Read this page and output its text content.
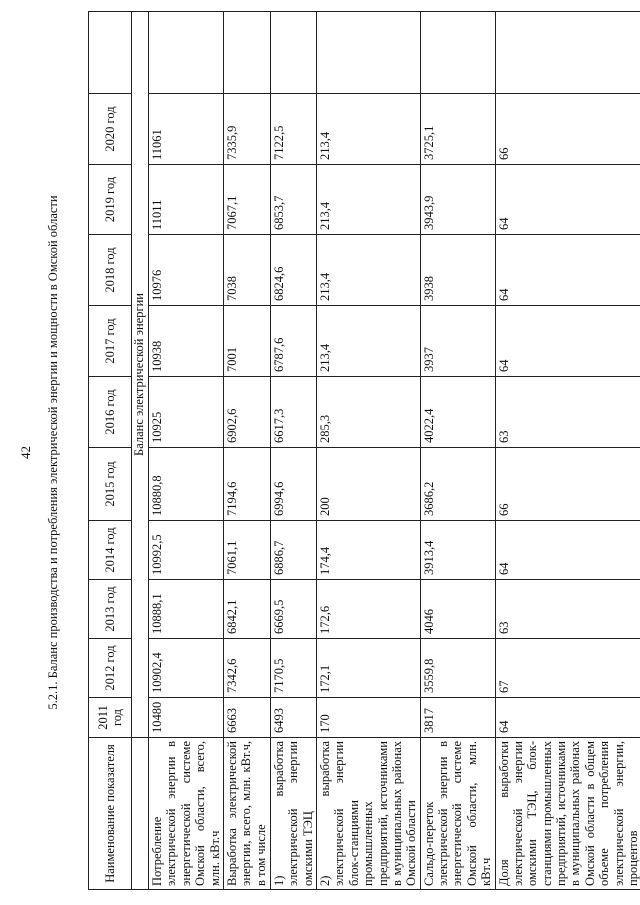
42 5.2.1. Баланс производства и потребления электрической энергии и мощности в Омской области
Наименование показателя	2011 год	2012 год	2013 год	2014 год	2015 год	2016 год	2017 год	2018 год	2019 год	2020 год	
	Баланс электрической энергии										
Потребление электрической энергии в энергетической системе Омской области, всего, млн. кВт.ч	10480	10902,4	10888,1	10992,5	10880,8	10925	10938	10976	11011	11061	
Выработка электрической энергии, всего, млн. кВт.ч, в том числе	6663	7342,6	6842,1	7061,1	7194,6	6902,6	7001	7038	7067,1	7335,9	
1) выработка электрической энергии омскими ТЭЦ	6493	7170,5	6669,5	6886,7	6994,6	6617,3	6787,6	6824,6	6853,7	7122,5	
2) выработка электрической энергии блок-станциями промышленных предприятий, источниками в муниципальных районах Омской области	170	172,1	172,6	174,4	200	285,3	213,4	213,4	213,4	213,4	
Сальдо-переток электрической энергии в энергетической системе Омской области, млн. кВт.ч	3817	3559,8	4046	3913,4	3686,2	4022,4	3937	3938	3943,9	3725,1	
Доля выработки электрической энергии омскими ТЭЦ, блок-станциями промышленных предприятий, источниками в муниципальных районах Омской области в общем объеме потребления электрической энергии, процентов	64	67	63	64	66	63	64	64	64	66	
